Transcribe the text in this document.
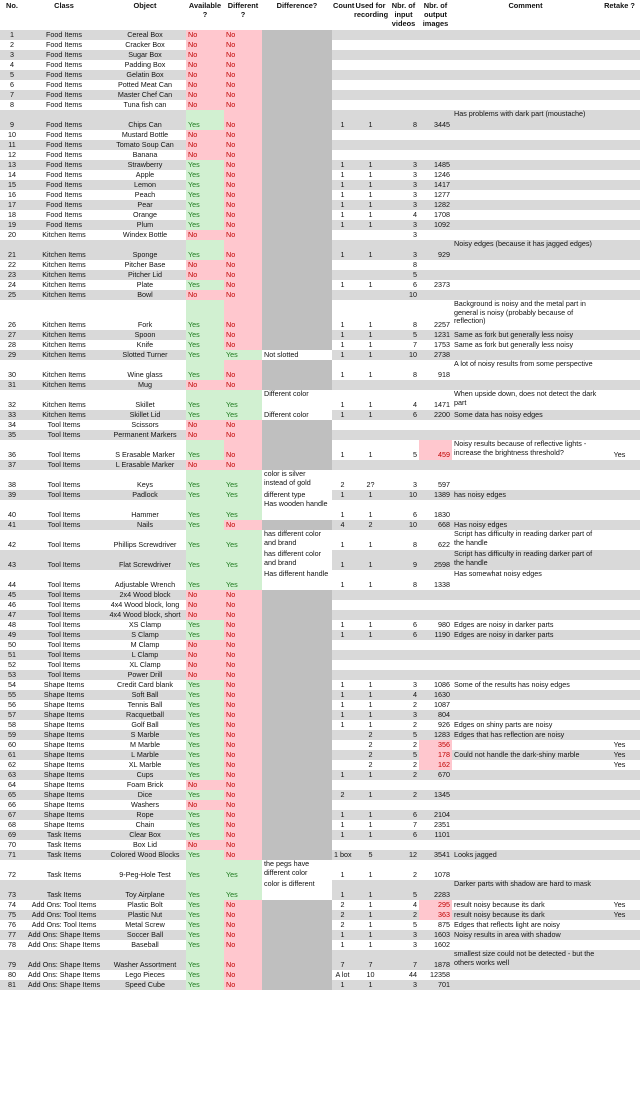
No.	Class	Object	Available ?	Different ?	Difference?	Count	Used for recording	Nbr. of input videos	Nbr. of output images	Comment	Retake ?
1	Food Items	Cereal Box	No	No							
2	Food Items	Cracker Box	No	No							
3	Food Items	Sugar Box	No	No							
4	Food Items	Padding Box	No	No							
5	Food Items	Gelatin Box	No	No							
6	Food Items	Potted Meat Can	No	No							
7	Food Items	Master Chef Can	No	No							
8	Food Items	Tuna fish can	No	No							
9	Food Items	Chips Can	Yes	No		1	1	8	3445	Has problems with dark part (moustache)	
10	Food Items	Mustard Bottle	No	No							
11	Food Items	Tomato Soup Can	No	No							
12	Food Items	Banana	No	No							
13	Food Items	Strawberry	Yes	No		1	1	3	1485		
14	Food Items	Apple	Yes	No		1	1	3	1246		
15	Food Items	Lemon	Yes	No		1	1	3	1417		
16	Food Items	Peach	Yes	No		1	1	3	1277		
17	Food Items	Pear	Yes	No		1	1	3	1282		
18	Food Items	Orange	Yes	No		1	1	4	1708		
19	Food Items	Plum	Yes	No		1	1	3	1092		
20	Kitchen Items	Windex Bottle	No	No				3			
21	Kitchen Items	Sponge	Yes	No		1	1	3	929	Noisy edges (because it has jagged edges)	
22	Kitchen Items	Pitcher Base	No	No				8			
23	Kitchen Items	Pitcher Lid	No	No				5			
24	Kitchen Items	Plate	Yes	No		1	1	6	2373		
25	Kitchen Items	Bowl	No	No				10			
26	Kitchen Items	Fork	Yes	No		1	1	8	2257	Background is noisy and the metal part in general is noisy (probably because of reflection)	
27	Kitchen Items	Spoon	Yes	No		1	1	5	1231	Same as fork but generally less noisy	
28	Kitchen Items	Knife	Yes	No		1	1	7	1753	Same as fork but generally less noisy	
29	Kitchen Items	Slotted Turner	Yes	Yes	Not slotted	1	1	10	2738		
30	Kitchen Items	Wine glass	Yes	No		1	1	8	918	A lot of noisy results from some perspective	
31	Kitchen Items	Mug	No	No							
32	Kitchen Items	Skillet	Yes	Yes	Different color	1	1	4	1471	When upside down, does not detect the dark part	
33	Kitchen Items	Skillet Lid	Yes	Yes	Different color	1	1	6	2200	Some data has noisy edges	
34	Tool Items	Scissors	No	No							
35	Tool Items	Permanent Markers	No	No							
36	Tool Items	S Erasable Marker	Yes	No		1	1	5	459	Noisy results because of reflective lights - increase the brightness threshold?	Yes
37	Tool Items	L Erasable Marker	No	No							
38	Tool Items	Keys	Yes	Yes	color is silver instead of gold	2	2?	3	597		
39	Tool Items	Padlock	Yes	Yes	different type	1	1	10	1389	has noisy edges	
40	Tool Items	Hammer	Yes	Yes	Has wooden handle	1	1	6	1830		
41	Tool Items	Nails	Yes	No		4	2	10	668	Has noisy edges	
42	Tool Items	Phillips Screwdriver	Yes	Yes	has different color and brand	1	1	8	622	Script has difficulty in reading darker part of the handle	
43	Tool Items	Flat Screwdriver	Yes	Yes	has different color and brand	1	1	9	2598	Script has difficulty in reading darker part of the handle	
44	Tool Items	Adjustable Wrench	Yes	Yes	Has different handle	1	1	8	1338	Has somewhat noisy edges	
45	Tool Items	2x4 Wood block	No	No							
46	Tool Items	4x4 Wood block, long	No	No							
47	Tool Items	4x4 Wood block, short	No	No							
48	Tool Items	XS Clamp	Yes	No		1	1	6	980	Edges are noisy in darker parts	
49	Tool Items	S Clamp	Yes	No		1	1	6	1190	Edges are noisy in darker parts	
50	Tool Items	M Clamp	No	No							
51	Tool Items	L Clamp	No	No							
52	Tool Items	XL Clamp	No	No							
53	Tool Items	Power Drill	No	No							
54	Shape Items	Credit Card blank	Yes	No		1	1	3	1086	Some of the results has noisy edges	
55	Shape Items	Soft Ball	Yes	No		1	1	4	1630		
56	Shape Items	Tennis Ball	Yes	No		1	1	2	1087		
57	Shape Items	Racquetball	Yes	No		1	1	3	804		
58	Shape Items	Golf Ball	Yes	No		1	1	2	926	Edges on shiny parts are noisy	
59	Shape Items	S Marble	Yes	No			2	5	1283	Edges that has reflection are noisy	
60	Shape Items	M Marble	Yes	No			2	2	356		Yes
61	Shape Items	L Marble	Yes	No			2	5	178	Could not handle the dark-shiny marble	Yes
62	Shape Items	XL Marble	Yes	No			2	2	162		Yes
63	Shape Items	Cups	Yes	No		1	1	2	670		
64	Shape Items	Foam Brick	No	No							
65	Shape Items	Dice	Yes	No		2	1	2	1345		
66	Shape Items	Washers	No	No							
67	Shape Items	Rope	Yes	No		1	1	6	2104		
68	Shape Items	Chain	Yes	No		1	1	7	2351		
69	Task Items	Clear Box	Yes	No		1	1	6	1101		
70	Task Items	Box Lid	No	No							
71	Task Items	Colored Wood Blocks	Yes	No		1 box	5	12	3541	Looks jagged	
72	Task Items	9-Peg-Hole Test	Yes	Yes	the pegs have different color	1	1	2	1078		
73	Task Items	Toy Airplane	Yes	Yes	color is different	1	1	5	2283	Darker parts with shadow are hard to mask	
74	Add Ons: Tool Items	Plastic Bolt	Yes	No		2	1	4	295	result noisy because its dark	Yes
75	Add Ons: Tool Items	Plastic Nut	Yes	No		2	1	2	363	result noisy because its dark	Yes
76	Add Ons: Tool Items	Metal Screw	Yes	No		2	1	5	875	Edges that reflects light are noisy	
77	Add Ons: Shape Items	Soccer Ball	Yes	No		1	1	3	1603	Noisy results in area with shadow	
78	Add Ons: Shape Items	Baseball	Yes	No		1	1	3	1602		
79	Add Ons: Shape Items	Washer Assortment	Yes	No		7	7	7	1878	smallest size could not be detected - but the others works well	
80	Add Ons: Shape Items	Lego Pieces	Yes	No		A lot	10	44	12358		
81	Add Ons: Shape Items	Speed Cube	Yes	No		1	1	3	701		
